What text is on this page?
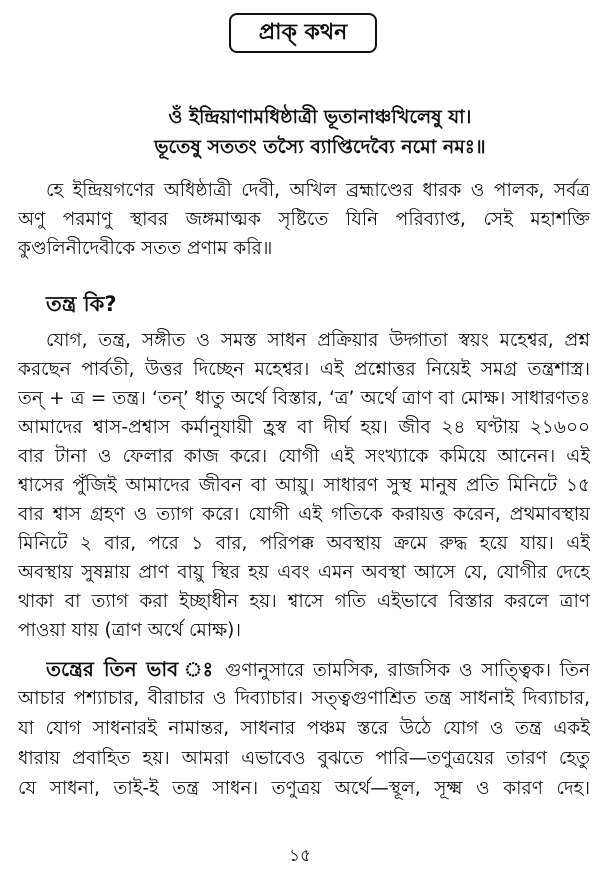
প্রাক্ কথন
ওঁ ইন্দ্রিয়াণামধিষ্ঠাত্রী ভূতানাঞ্চখিলেষু যা।
ভূতেষু সততং তস্যৈ ব্যাপ্তিদেব্যৈ নমো নমঃ॥
হে ইন্দ্রিয়গণের অধিষ্ঠাত্রী দেবী, অখিল ব্রহ্মাণ্ডের ধারক ও পালক, সর্বত্র
অণু পরমাণু স্থাবর জঙ্গমাত্মক সৃষ্টিতে যিনি পরিব্যাপ্ত, সেই মহাশক্তি
কুণ্ডলিনীদেবীকে সতত প্রণাম করি॥
তন্ত্র কি?
যোগ, তন্ত্র, সঙ্গীত ও সমস্ত সাধন প্রক্রিয়ার উদ্গাতা স্বয়ং মহেশ্বর, প্রশ্ন
করছেন পার্বতী, উত্তর দিচ্ছেন মহেশ্বর। এই প্রশ্নোত্তর নিয়েই সমগ্র তন্ত্রশাস্ত্র।
তন্ + ত্র = তন্ত্র। ‘তন্’ ধাতু অর্থে বিস্তার, ‘ত্র’ অর্থে ত্রাণ বা মোক্ষ। সাধারণতঃ
আমাদের শ্বাস-প্রশ্বাস কর্মানুযায়ী হ্রস্ব বা দীর্ঘ হয়। জীব ২৪ ঘণ্টায় ২১৬০০
বার টানা ও ফেলার কাজ করে। যোগী এই সংখ্যাকে কমিয়ে আনেন। এই
শ্বাসের পুঁজিই আমাদের জীবন বা আয়ু। সাধারণ সুস্থ মানুষ প্রতি মিনিটে ১৫
বার শ্বাস গ্রহণ ও ত্যাগ করে। যোগী এই গতিকে করায়ত্ত করেন, প্রথমাবস্থায়
মিনিটে ২ বার, পরে ১ বার, পরিপক্ক অবস্থায় ক্রমে রুদ্ধ হয়ে যায়। এই
অবস্থায় সুষম্নায় প্রাণ বায়ু স্থির হয় এবং এমন অবস্থা আসে যে, যোগীর দেহে
থাকা বা ত্যাগ করা ইচ্ছাধীন হয়। শ্বাসে গতি এইভাবে বিস্তার করলে ত্রাণ
পাওয়া যায় (ত্রাণ অর্থে মোক্ষ)।
তন্ত্রের তিন ভাব ঃ গুণানুসারে তামসিক, রাজসিক ও সাত্ত্বিক। তিন
আচার পশ্যাচার, বীরাচার ও দিব্যাচার। সত্ত্বগুণাশ্রিত তন্ত্র সাধনাই দিব্যাচার,
যা যোগ সাধনারই নামান্তর, সাধনার পঞ্চম স্তরে উঠে যোগ ও তন্ত্র একই
ধারায় প্রবাহিত হয়। আমরা এভাবেও বুঝতে পারি—তণুত্রয়ের তারণ হেতু
যে সাধনা, তাই-ই তন্ত্র সাধন। তণুত্রয় অর্থে—স্থূল, সূক্ষ্ম ও কারণ দেহ।
১৫
